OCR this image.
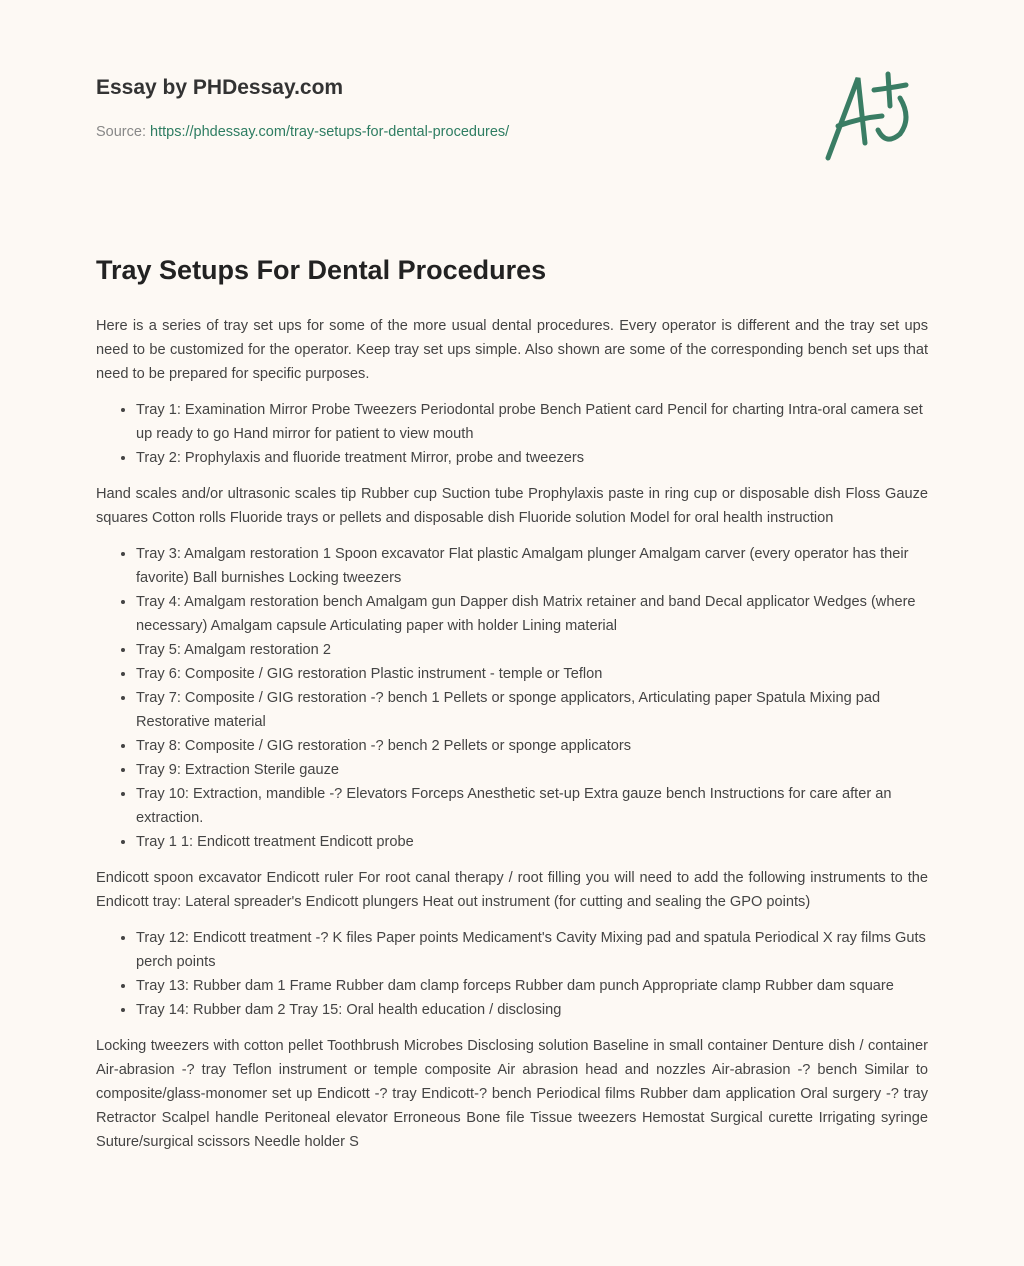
Essay by PHDessay.com
Source: https://phdessay.com/tray-setups-for-dental-procedures/
Tray Setups For Dental Procedures

Here is a series of tray set ups for some of the more usual dental procedures. Every operator is different and the tray set ups need to be customized for the operator. Keep tray set ups simple. Also shown are some of the corresponding bench set ups that need to be prepared for specific purposes.

• Tray 1: Examination Mirror Probe Tweezers Periodontal probe Bench Patient card Pencil for charting Intra-oral camera set up ready to go Hand mirror for patient to view mouth
• Tray 2: Prophylaxis and fluoride treatment Mirror, probe and tweezers

Hand scales and/or ultrasonic scales tip Rubber cup Suction tube Prophylaxis paste in ring cup or disposable dish Floss Gauze squares Cotton rolls Fluoride trays or pellets and disposable dish Fluoride solution Model for oral health instruction

• Tray 3: Amalgam restoration 1 Spoon excavator Flat plastic Amalgam plunger Amalgam carver (every operator has their favorite) Ball burnishes Locking tweezers
• Tray 4: Amalgam restoration bench Amalgam gun Dapper dish Matrix retainer and band Decal applicator Wedges (where necessary) Amalgam capsule Articulating paper with holder Lining material
• Tray 5: Amalgam restoration 2
• Tray 6: Composite / GIG restoration Plastic instrument - temple or Teflon
• Tray 7: Composite / GIG restoration -? bench 1 Pellets or sponge applicators, Articulating paper Spatula Mixing pad Restorative material
• Tray 8: Composite / GIG restoration -? bench 2 Pellets or sponge applicators
• Tray 9: Extraction Sterile gauze
• Tray 10: Extraction, mandible -? Elevators Forceps Anesthetic set-up Extra gauze bench Instructions for care after an extraction.
• Tray 1 1: Endicott treatment Endicott probe

Endicott spoon excavator Endicott ruler For root canal therapy / root filling you will need to add the following instruments to the Endicott tray: Lateral spreader's Endicott plungers Heat out instrument (for cutting and sealing the GPO points)

• Tray 12: Endicott treatment -? K files Paper points Medicament's Cavity Mixing pad and spatula Periodical X ray films Guts perch points
• Tray 13: Rubber dam 1 Frame Rubber dam clamp forceps Rubber dam punch Appropriate clamp Rubber dam square
• Tray 14: Rubber dam 2 Tray 15: Oral health education / disclosing

Locking tweezers with cotton pellet Toothbrush Microbes Disclosing solution Baseline in small container Denture dish / container Air-abrasion -? tray Teflon instrument or temple composite Air abrasion head and nozzles Air-abrasion -? bench Similar to composite/glass-monomer set up Endicott -? tray Endicott-? bench Periodical films Rubber dam application Oral surgery -? tray Retractor Scalpel handle Peritoneal elevator Erroneous Bone file Tissue tweezers Hemostat Surgical curette Irrigating syringe Suture/surgical scissors Needle holder S
